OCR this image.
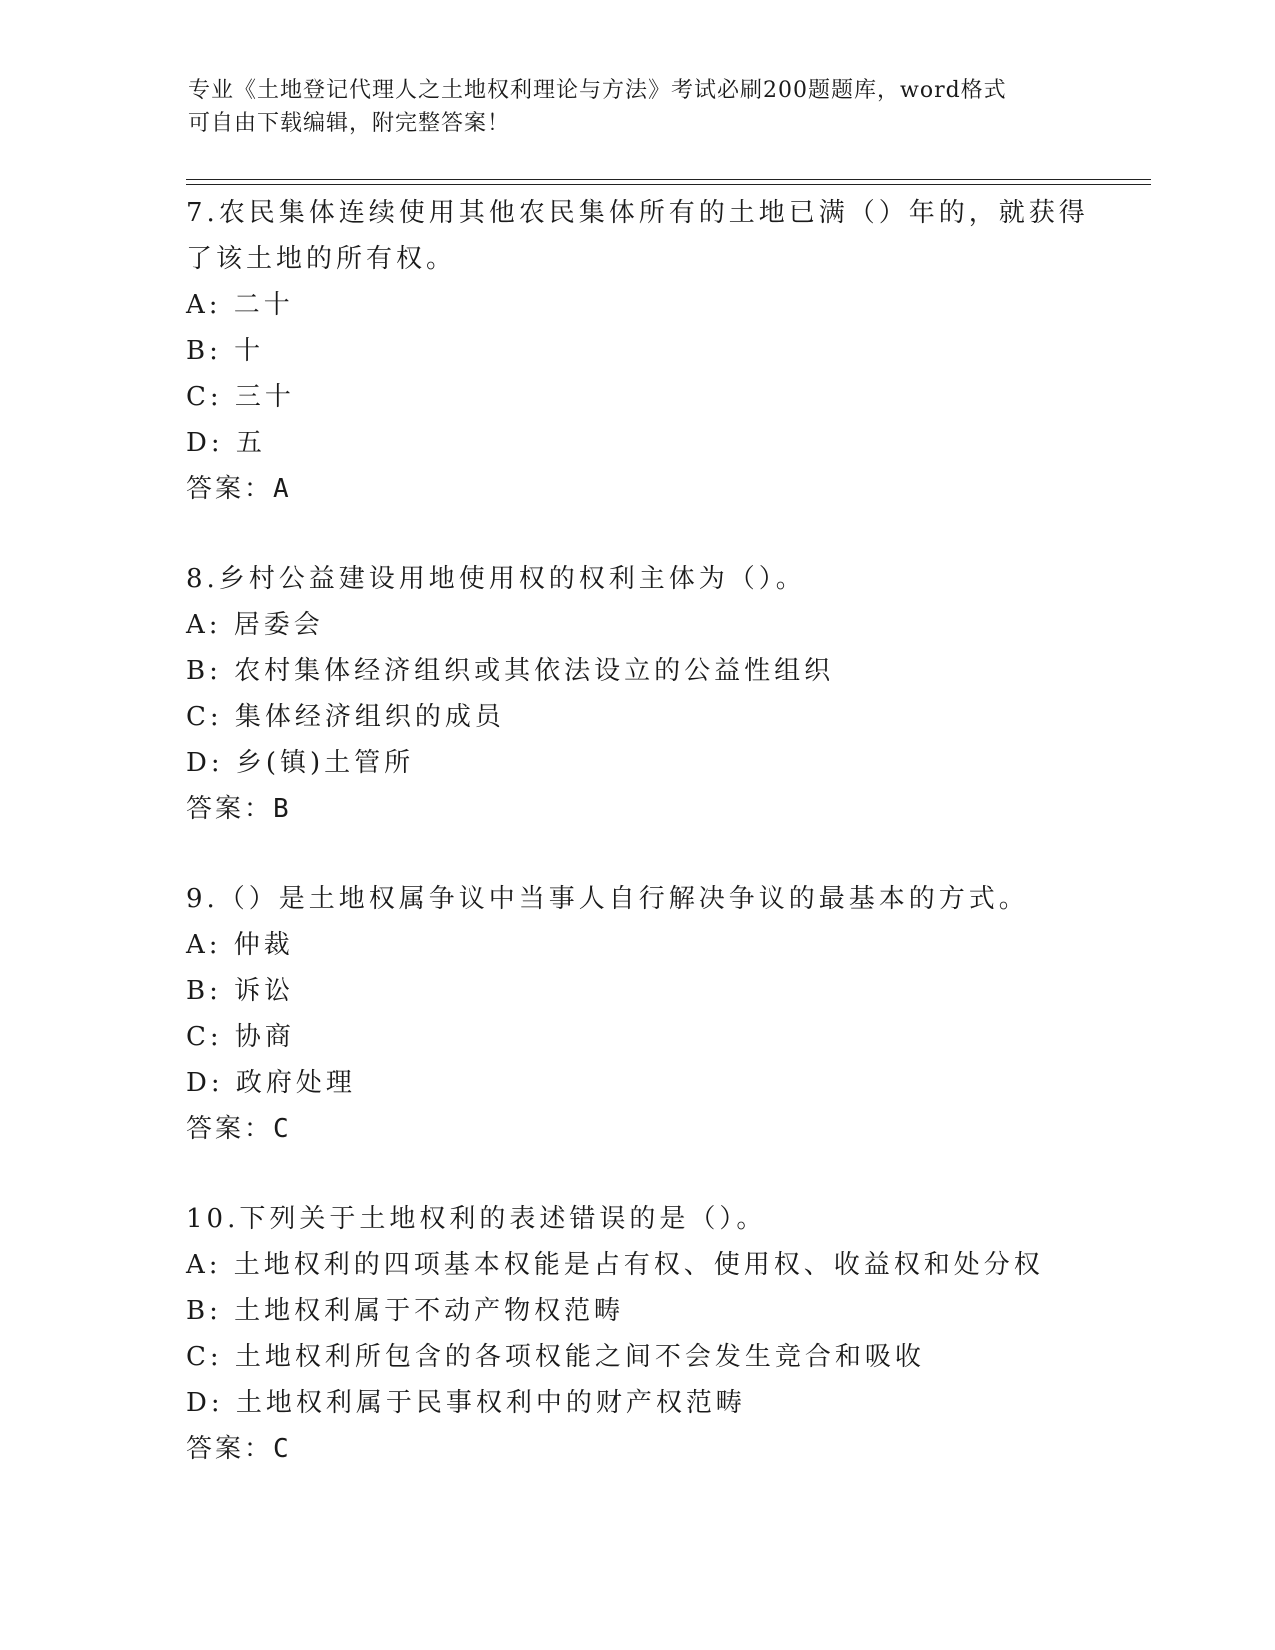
专业《土地登记代理人之土地权利理论与方法》考试必刷200题题库，word格式
可自由下载编辑，附完整答案！
7.农民集体连续使用其他农民集体所有的土地已满（）年的，就获得
了该土地的所有权。
A: 二十
B: 十
C: 三十
D: 五
答案：A
8.乡村公益建设用地使用权的权利主体为（）。
A: 居委会
B: 农村集体经济组织或其依法设立的公益性组织
C: 集体经济组织的成员
D: 乡(镇)土管所
答案：B
9.（）是土地权属争议中当事人自行解决争议的最基本的方式。
A: 仲裁
B: 诉讼
C: 协商
D: 政府处理
答案：C
10.下列关于土地权利的表述错误的是（）。
A: 土地权利的四项基本权能是占有权、使用权、收益权和处分权
B: 土地权利属于不动产物权范畴
C: 土地权利所包含的各项权能之间不会发生竞合和吸收
D: 土地权利属于民事权利中的财产权范畴
答案：C
